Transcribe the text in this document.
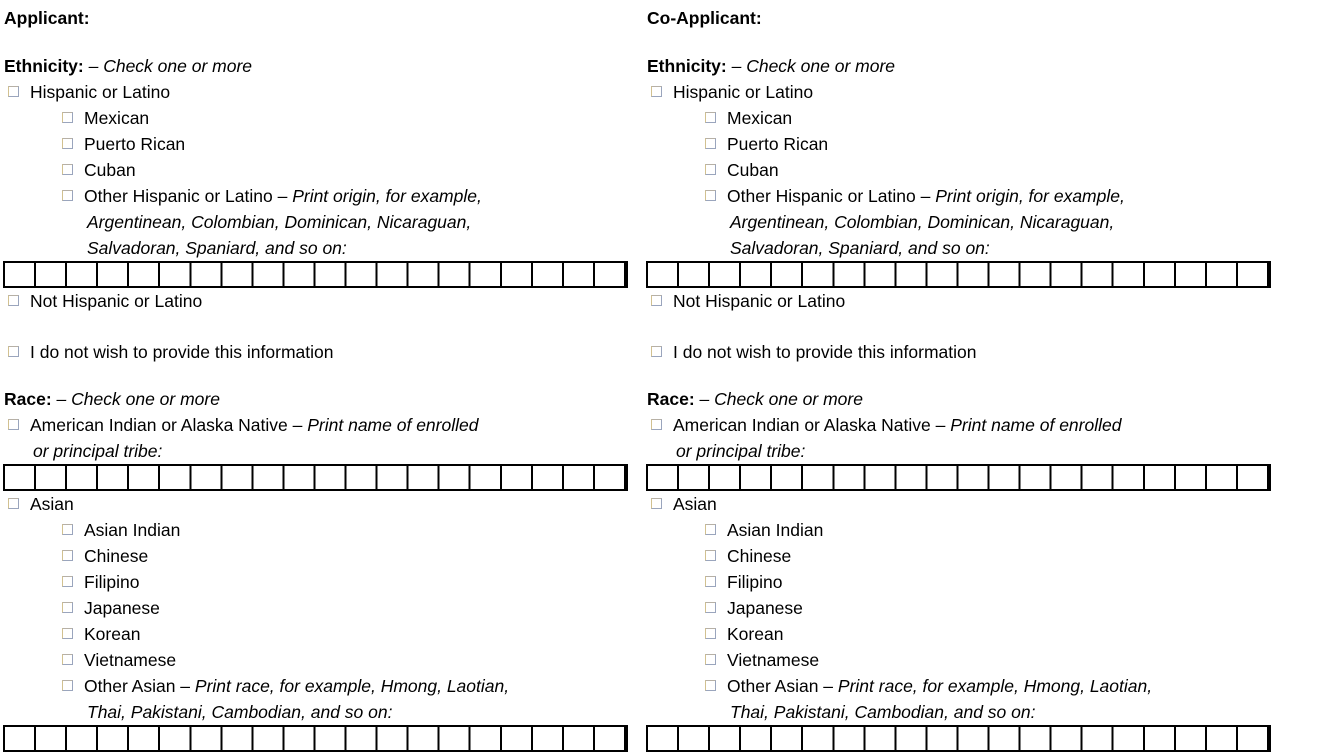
Applicant:
Ethnicity: – Check one or more
Hispanic or Latino
Mexican
Puerto Rican
Cuban
Other Hispanic or Latino – Print origin, for example,
Argentinean, Colombian, Dominican, Nicaraguan,
Salvadoran, Spaniard, and so on:
Not Hispanic or Latino
I do not wish to provide this information
Race: – Check one or more
American Indian or Alaska Native – Print name of enrolled
or principal tribe:
Asian
Asian Indian
Chinese
Filipino
Japanese
Korean
Vietnamese
Other Asian – Print race, for example, Hmong, Laotian,
Thai, Pakistani, Cambodian, and so on:
Co-Applicant:
Ethnicity: – Check one or more
Hispanic or Latino
Mexican
Puerto Rican
Cuban
Other Hispanic or Latino – Print origin, for example,
Argentinean, Colombian, Dominican, Nicaraguan,
Salvadoran, Spaniard, and so on:
Not Hispanic or Latino
I do not wish to provide this information
Race: – Check one or more
American Indian or Alaska Native – Print name of enrolled
or principal tribe:
Asian
Asian Indian
Chinese
Filipino
Japanese
Korean
Vietnamese
Other Asian – Print race, for example, Hmong, Laotian,
Thai, Pakistani, Cambodian, and so on:
